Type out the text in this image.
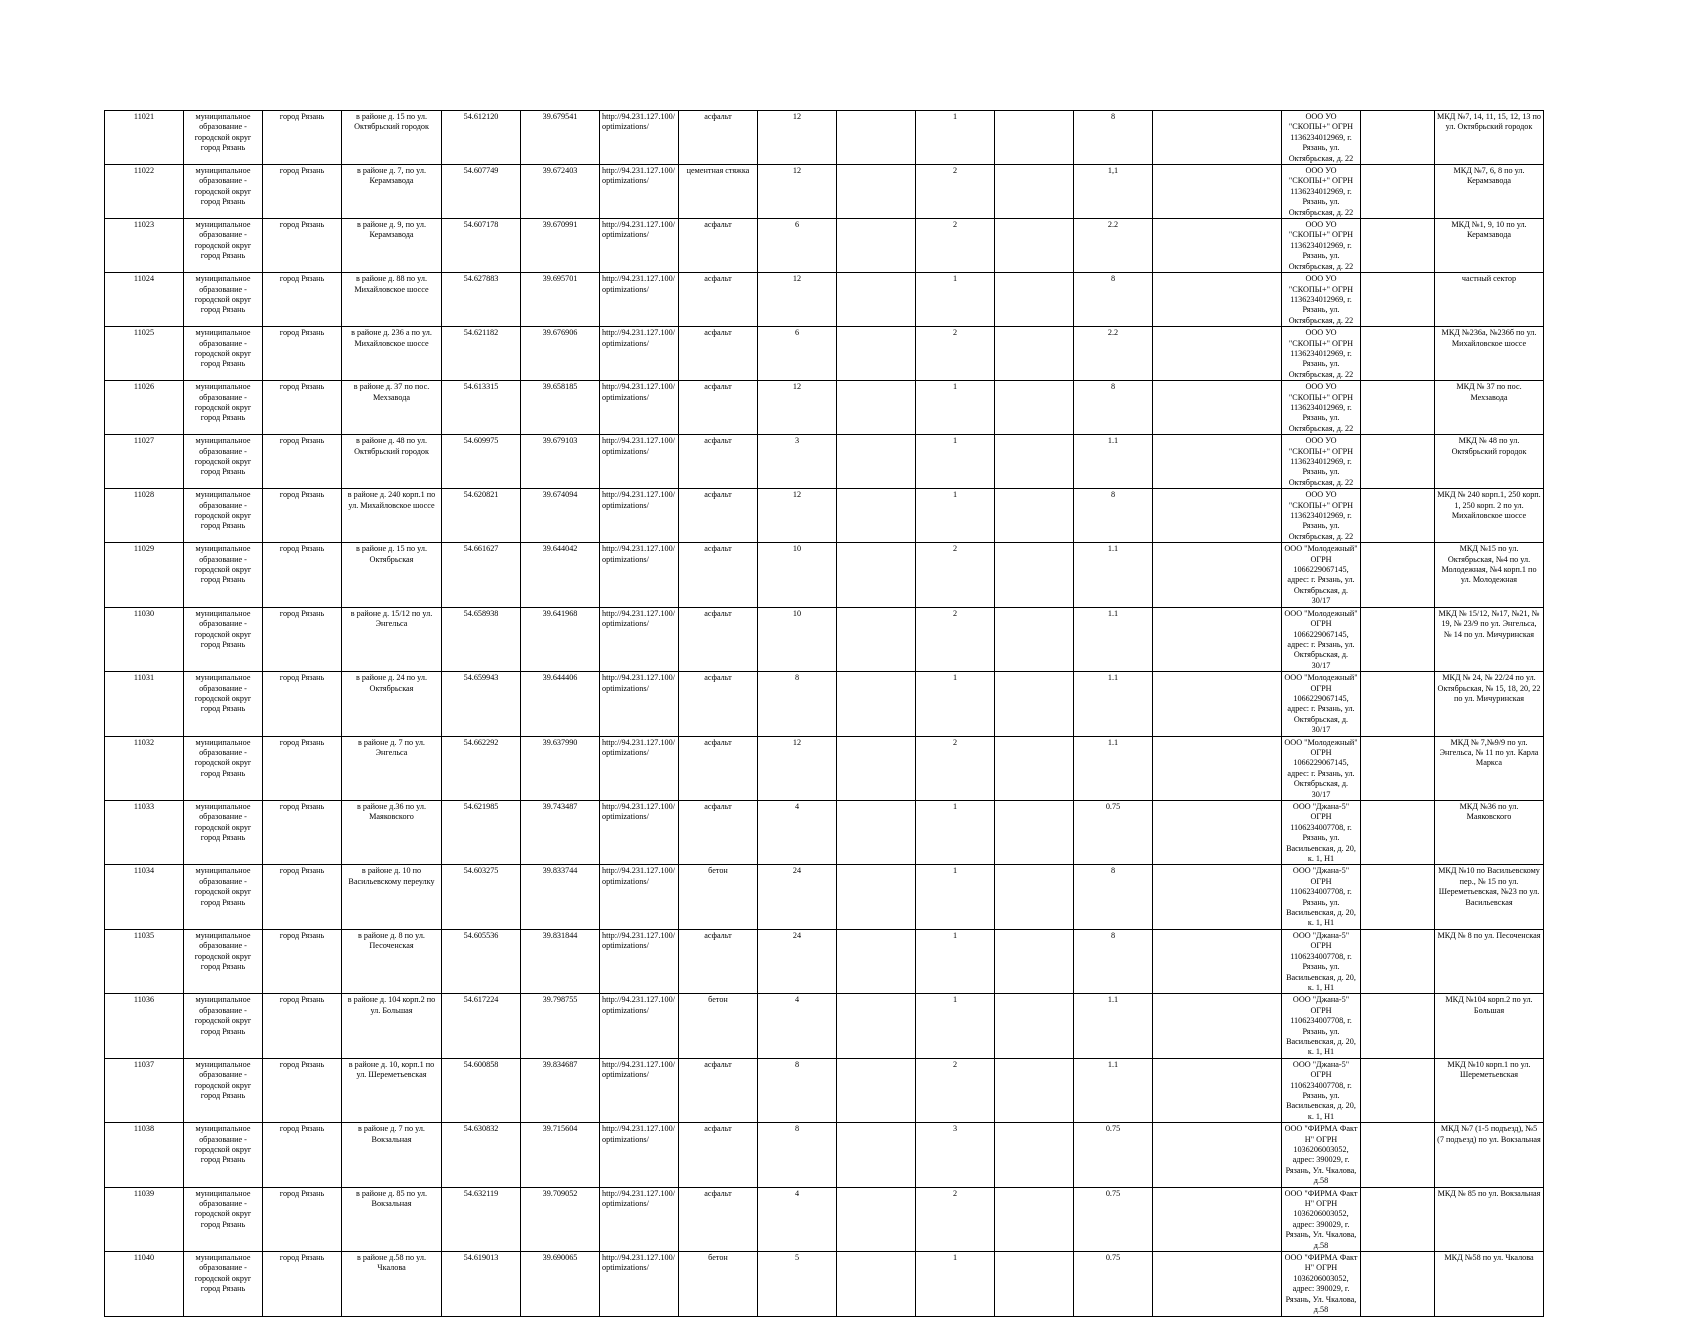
11021	муниципальное образование - городской округ город Рязань	город Рязань	в районе д. 15 по ул. Октябрьский городок	54.612120	39.679541	http://94.231.127.100/optimizations/	асфальт	12		1		8		ООО УО "СКОПЫ+" ОГРН 1136234012969, г. Рязань, ул. Октябрьская, д. 22		МКД №7, 14, 11, 15, 12, 13 по ул. Октябрьский городок
11022	муниципальное образование - городской округ город Рязань	город Рязань	в районе д. 7, по ул. Керамзавода	54.607749	39.672403	http://94.231.127.100/optimizations/	цементная стяжка	12		2		1,1		ООО УО "СКОПЫ+" ОГРН 1136234012969, г. Рязань, ул. Октябрьская, д. 22		МКД №7, 6, 8 по ул. Керамзавода
11023	муниципальное образование - городской округ город Рязань	город Рязань	в районе д. 9, по ул. Керамзавода	54.607178	39.670991	http://94.231.127.100/optimizations/	асфальт	6		2		2.2		ООО УО "СКОПЫ+" ОГРН 1136234012969, г. Рязань, ул. Октябрьская, д. 22		МКД №1, 9, 10 по ул. Керамзавода
11024	муниципальное образование - городской округ город Рязань	город Рязань	в районе д. 88 по ул. Михайловское шоссе	54.627883	39.695701	http://94.231.127.100/optimizations/	асфальт	12		1		8		ООО УО "СКОПЫ+" ОГРН 1136234012969, г. Рязань, ул. Октябрьская, д. 22		частный сектор
11025	муниципальное образование - городской округ город Рязань	город Рязань	в районе д. 236 а по ул. Михайловское шоссе	54.621182	39.676906	http://94.231.127.100/optimizations/	асфальт	6		2		2.2		ООО УО "СКОПЫ+" ОГРН 1136234012969, г. Рязань, ул. Октябрьская, д. 22		МКД №236а, №236б по ул. Михайловское шоссе
11026	муниципальное образование - городской округ город Рязань	город Рязань	в районе д. 37 по пос. Мехзавода	54.613315	39.658185	http://94.231.127.100/optimizations/	асфальт	12		1		8		ООО УО "СКОПЫ+" ОГРН 1136234012969, г. Рязань, ул. Октябрьская, д. 22		МКД № 37 по пос. Мехзавода
11027	муниципальное образование - городской округ город Рязань	город Рязань	в районе д. 48 по ул. Октябрьский городок	54.609975	39.679103	http://94.231.127.100/optimizations/	асфальт	3		1		1.1		ООО УО "СКОПЫ+" ОГРН 1136234012969, г. Рязань, ул. Октябрьская, д. 22		МКД № 48 по ул. Октябрьский городок
11028	муниципальное образование - городской округ город Рязань	город Рязань	в районе д. 240 корп.1 по ул. Михайловское шоссе	54.620821	39.674094	http://94.231.127.100/optimizations/	асфальт	12		1		8		ООО УО "СКОПЫ+" ОГРН 1136234012969, г. Рязань, ул. Октябрьская, д. 22		МКД № 240 корп.1, 250 корп. 1, 250 корп. 2 по ул. Михайловское шоссе
11029	муниципальное образование - городской округ город Рязань	город Рязань	в районе д. 15 по ул. Октябрьская	54.661627	39.644042	http://94.231.127.100/optimizations/	асфальт	10		2		1.1		ООО "Молодежный" ОГРН 1066229067145, адрес: г. Рязань, ул. Октябрьская, д. 30/17		МКД №15 по ул. Октябрьская, №4 по ул. Молодежная, №4 корп.1 по ул. Молодежная
11030	муниципальное образование - городской округ город Рязань	город Рязань	в районе д. 15/12 по ул. Энгельса	54.658938	39.641968	http://94.231.127.100/optimizations/	асфальт	10		2		1.1		ООО "Молодежный" ОГРН 1066229067145, адрес: г. Рязань, ул. Октябрьская, д. 30/17		МКД № 15/12, №17, №21, № 19, № 23/9 по ул. Энгельса, № 14 по ул. Мичуринская
11031	муниципальное образование - городской округ город Рязань	город Рязань	в районе д. 24 по ул. Октябрьская	54.659943	39.644406	http://94.231.127.100/optimizations/	асфальт	8		1		1.1		ООО "Молодежный" ОГРН 1066229067145, адрес: г. Рязань, ул. Октябрьская, д. 30/17		МКД № 24, № 22/24 по ул. Октябрьская, № 15, 18, 20, 22 по ул. Мичуринская
11032	муниципальное образование - городской округ город Рязань	город Рязань	в районе д. 7 по ул. Энгельса	54.662292	39.637990	http://94.231.127.100/optimizations/	асфальт	12		2		1.1		ООО "Молодежный" ОГРН 1066229067145, адрес: г. Рязань, ул. Октябрьская, д. 30/17		МКД № 7,№9/9 по ул. Энгельса, № 11 по ул. Карла Маркса
11033	муниципальное образование - городской округ город Рязань	город Рязань	в районе д.36 по ул. Маяковского	54.621985	39.743487	http://94.231.127.100/optimizations/	асфальт	4		1		0.75		ООО "Джана-5" ОГРН 1106234007708, г. Рязань, ул. Васильевская, д. 20, к. 1, Н1		МКД №36 по ул. Маяковского
11034	муниципальное образование - городской округ город Рязань	город Рязань	в районе д. 10 по Васильевскому переулку	54.603275	39.833744	http://94.231.127.100/optimizations/	бетон	24		1		8		ООО "Джана-5" ОГРН 1106234007708, г. Рязань, ул. Васильевская, д. 20, к. 1, Н1		МКД №10 по Васильевскому пер., № 15 по ул. Шереметьевская, №23 по ул. Васильевская
11035	муниципальное образование - городской округ город Рязань	город Рязань	в районе д. 8 по ул. Песоченская	54.605536	39.831844	http://94.231.127.100/optimizations/	асфальт	24		1		8		ООО "Джана-5" ОГРН 1106234007708, г. Рязань, ул. Васильевская, д. 20, к. 1, Н1		МКД № 8 по ул. Песоченская
11036	муниципальное образование - городской округ город Рязань	город Рязань	в районе д. 104 корп.2 по ул. Большая	54.617224	39.798755	http://94.231.127.100/optimizations/	бетон	4		1		1.1		ООО "Джана-5" ОГРН 1106234007708, г. Рязань, ул. Васильевская, д. 20, к. 1, Н1		МКД №104 корп.2 по ул. Большая
11037	муниципальное образование - городской округ город Рязань	город Рязань	в районе д. 10, корп.1 по ул. Шереметьевская	54.600858	39.834687	http://94.231.127.100/optimizations/	асфальт	8		2		1.1		ООО "Джана-5" ОГРН 1106234007708, г. Рязань, ул. Васильевская, д. 20, к. 1, Н1		МКД №10 корп.1 по ул. Шереметьевская
11038	муниципальное образование - городской округ город Рязань	город Рязань	в районе д. 7 по ул. Вокзальная	54.630832	39.715604	http://94.231.127.100/optimizations/	асфальт	8		3		0.75		ООО "ФИРМА Факт Н" ОГРН 1036206003052, адрес: 390029, г. Рязань, Ул. Чкалова, д.58		МКД №7 (1-5 подъезд), №5 (7 подъезд) по ул. Вокзальная
11039	муниципальное образование - городской округ город Рязань	город Рязань	в районе д. 85 по ул. Вокзальная	54.632119	39.709052	http://94.231.127.100/optimizations/	асфальт	4		2		0.75		ООО "ФИРМА Факт Н" ОГРН 1036206003052, адрес: 390029, г. Рязань, Ул. Чкалова, д.58		МКД № 85 по ул. Вокзальная
11040	муниципальное образование - городской округ город Рязань	город Рязань	в районе д.58 по ул. Чкалова	54.619013	39.690065	http://94.231.127.100/optimizations/	бетон	5		1		0.75		ООО "ФИРМА Факт Н" ОГРН 1036206003052, адрес: 390029, г. Рязань, Ул. Чкалова, д.58		МКД №58 по ул. Чкалова
